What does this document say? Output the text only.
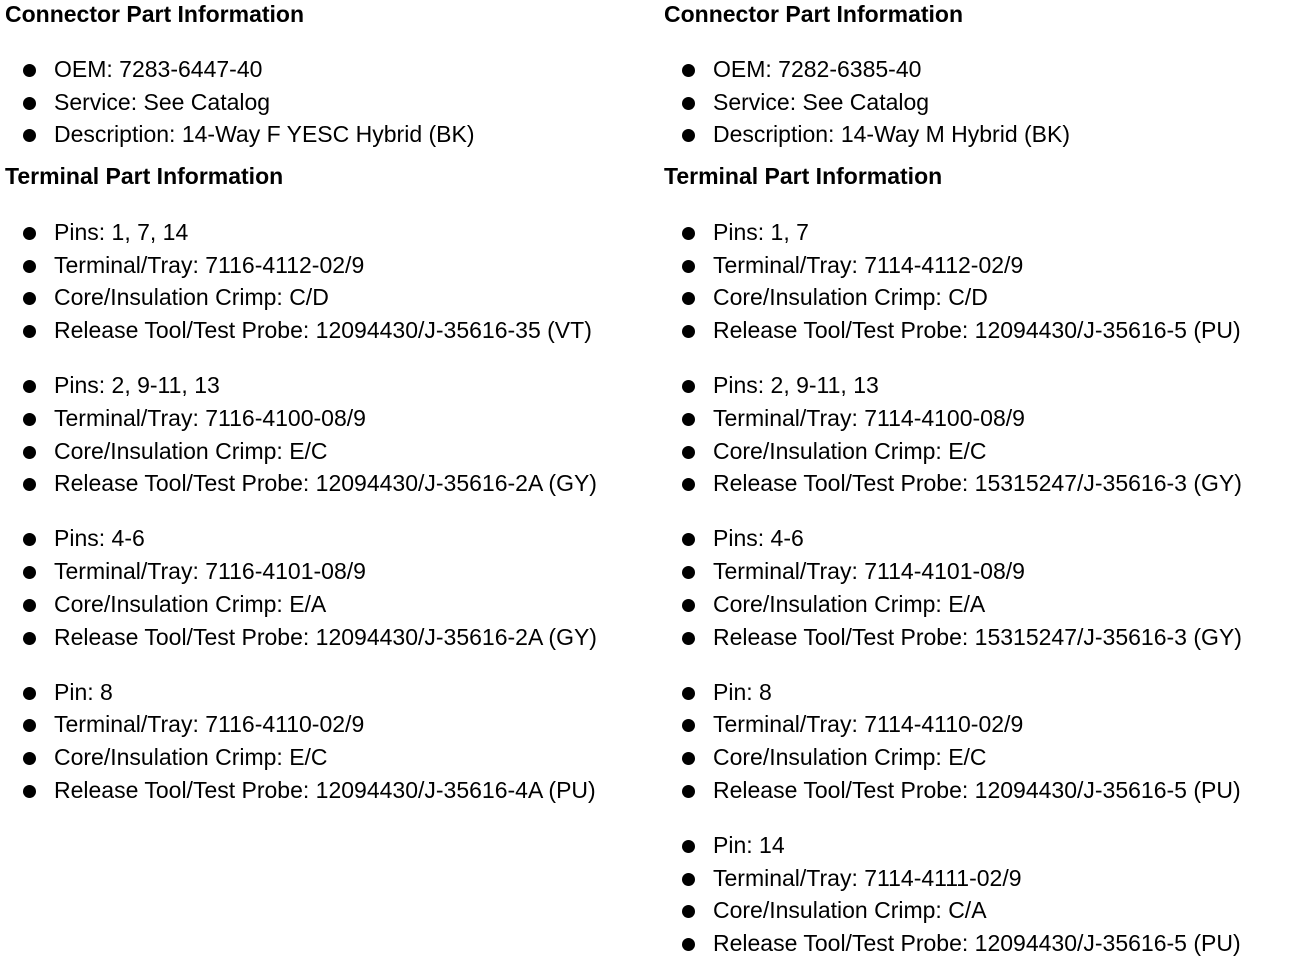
Connector Part Information
OEM: 7283-6447-40
Service: See Catalog
Description: 14-Way F YESC Hybrid (BK)
Terminal Part Information
Pins: 1, 7, 14
Terminal/Tray: 7116-4112-02/9
Core/Insulation Crimp: C/D
Release Tool/Test Probe: 12094430/J-35616-35 (VT)
Pins: 2, 9-11, 13
Terminal/Tray: 7116-4100-08/9
Core/Insulation Crimp: E/C
Release Tool/Test Probe: 12094430/J-35616-2A (GY)
Pins: 4-6
Terminal/Tray: 7116-4101-08/9
Core/Insulation Crimp: E/A
Release Tool/Test Probe: 12094430/J-35616-2A (GY)
Pin: 8
Terminal/Tray: 7116-4110-02/9
Core/Insulation Crimp: E/C
Release Tool/Test Probe: 12094430/J-35616-4A (PU)
Connector Part Information
OEM: 7282-6385-40
Service: See Catalog
Description: 14-Way M Hybrid (BK)
Terminal Part Information
Pins: 1, 7
Terminal/Tray: 7114-4112-02/9
Core/Insulation Crimp: C/D
Release Tool/Test Probe: 12094430/J-35616-5 (PU)
Pins: 2, 9-11, 13
Terminal/Tray: 7114-4100-08/9
Core/Insulation Crimp: E/C
Release Tool/Test Probe: 15315247/J-35616-3 (GY)
Pins: 4-6
Terminal/Tray: 7114-4101-08/9
Core/Insulation Crimp: E/A
Release Tool/Test Probe: 15315247/J-35616-3 (GY)
Pin: 8
Terminal/Tray: 7114-4110-02/9
Core/Insulation Crimp: E/C
Release Tool/Test Probe: 12094430/J-35616-5 (PU)
Pin: 14
Terminal/Tray: 7114-4111-02/9
Core/Insulation Crimp: C/A
Release Tool/Test Probe: 12094430/J-35616-5 (PU)
